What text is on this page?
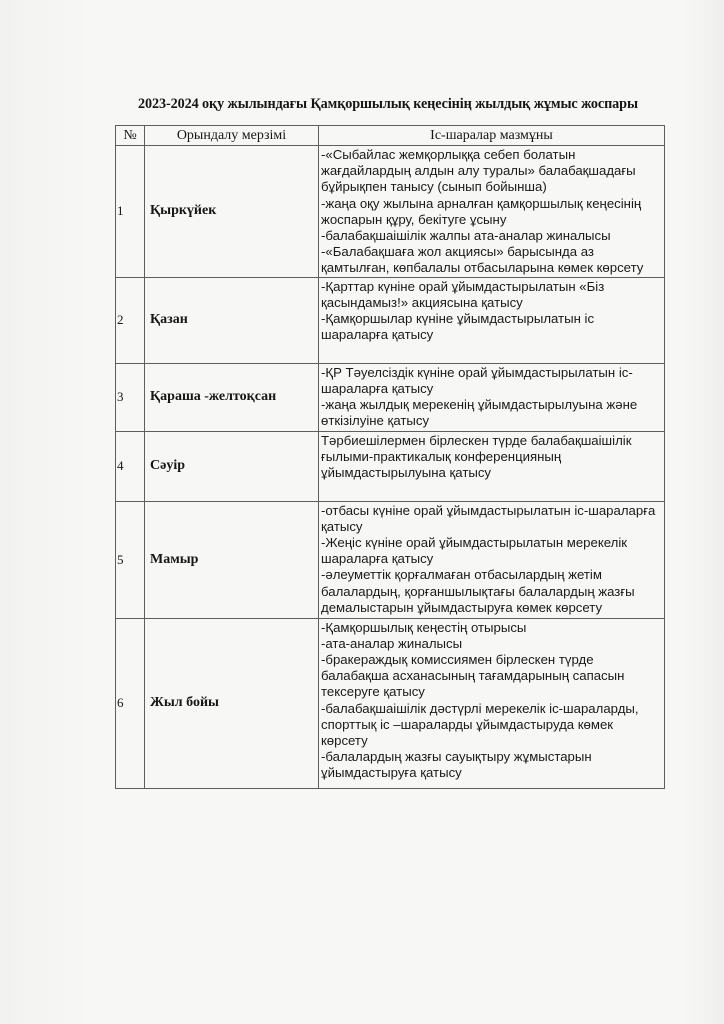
2023-2024 оқу жылындағы Қамқоршылық кеңесінің жылдық жұмыс жоспары
№	Орындалу мерзімі	Іс-шаралар мазмұны
1	Қыркүйек	-«Сыбайлас жемқорлыққа себеп болатын жағдайлардың алдын алу туралы» балабақшадағы бұйрықпен танысу (сынып бойынша)
-жаңа оқу жылына арналған қамқоршылық кеңесінің жоспарын құру, бекітуге ұсыну
-балабақшаішілік жалпы ата-аналар жиналысы
-«Балабақшаға жол акциясы» барысында аз қамтылған, көпбалалы отбасыларына көмек көрсету

2	Қазан	-Қарттар күніне орай ұйымдастырылатын «Біз қасындамыз!» акциясына қатысу
-Қамқоршылар күніне ұйымдастырылатын іс шараларға қатысу

3	Қараша -желтоқсан	-ҚР Тәуелсіздік күніне орай ұйымдастырылатын іс-шараларға қатысу
-жаңа жылдық мерекенің ұйымдастырылуына және өткізілуіне қатысу

4	Сәуір	Тәрбиешілермен бірлескен түрде балабақшаішілік ғылыми-практикалық конференцияның ұйымдастырылуына қатысу

5	Мамыр	-отбасы күніне орай ұйымдастырылатын іс-шараларға қатысу
-Жеңіс күніне орай ұйымдастырылатын мерекелік шараларға қатысу
-әлеуметтік қорғалмаған отбасылардың жетім балалардың, қорғаншылықтағы балалардың жазғы демалыстарын ұйымдастыруға көмек көрсету

6	Жыл бойы	-Қамқоршылық кеңестің отырысы
-ата-аналар жиналысы
-бракераждық комиссиямен бірлескен түрде балабақша асханасының тағамдарының сапасын тексеруге қатысу
-балабақшаішілік дәстүрлі мерекелік іс-шараларды, спорттық іс –шараларды ұйымдастыруда көмек көрсету
-балалардың жазғы сауықтыру жұмыстарын ұйымдастыруға қатысу
